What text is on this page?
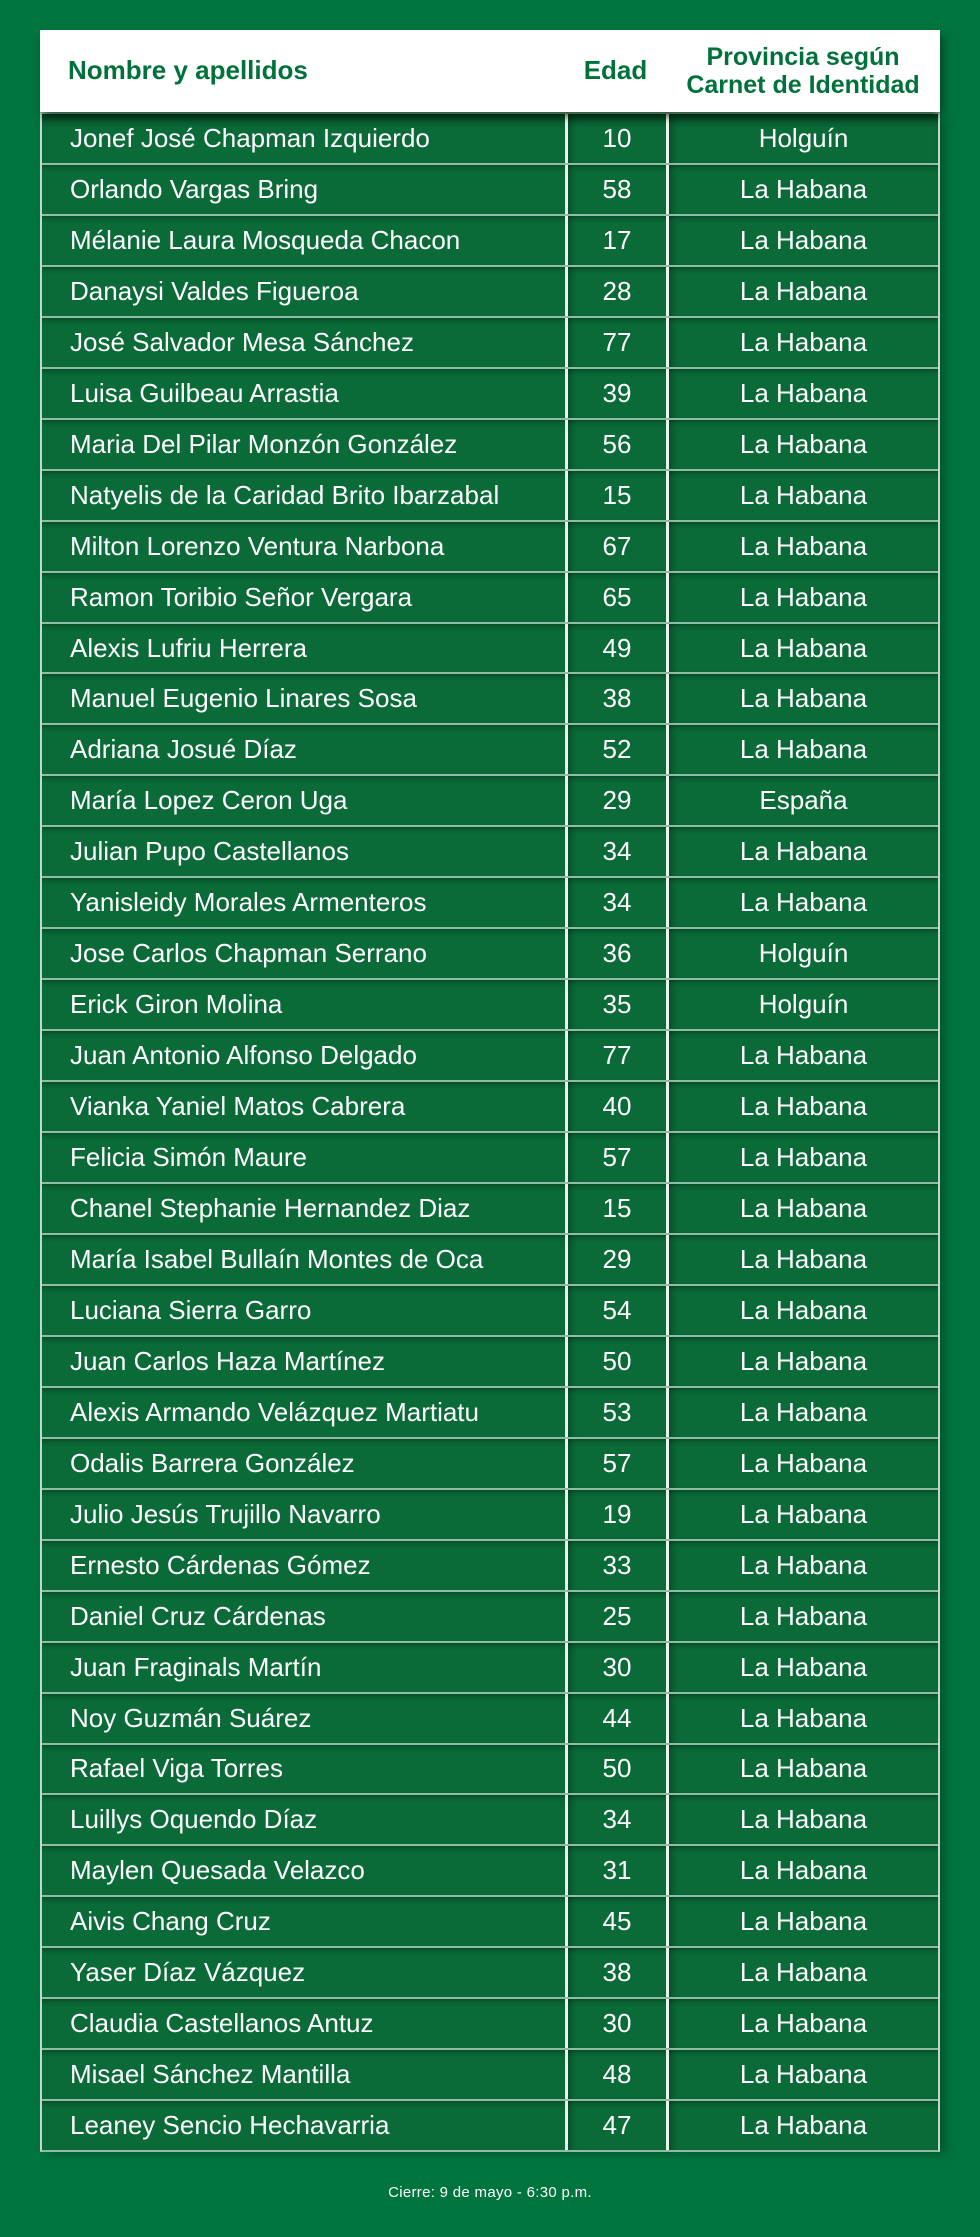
Nombre y apellidos	Edad	Provincia según Carnet de Identidad
Jonef José Chapman Izquierdo	10	Holguín
Orlando Vargas Bring	58	La Habana
Mélanie Laura Mosqueda Chacon	17	La Habana
Danaysi Valdes Figueroa	28	La Habana
José Salvador Mesa Sánchez	77	La Habana
Luisa Guilbeau Arrastia	39	La Habana
Maria Del Pilar Monzón González	56	La Habana
Natyelis de la Caridad Brito Ibarzabal	15	La Habana
Milton Lorenzo Ventura Narbona	67	La Habana
Ramon Toribio Señor Vergara	65	La Habana
Alexis Lufriu Herrera	49	La Habana
Manuel Eugenio Linares Sosa	38	La Habana
Adriana Josué Díaz	52	La Habana
María Lopez Ceron Uga	29	España
Julian Pupo Castellanos	34	La Habana
Yanisleidy Morales Armenteros	34	La Habana
Jose Carlos Chapman Serrano	36	Holguín
Erick Giron Molina	35	Holguín
Juan Antonio Alfonso Delgado	77	La Habana
Vianka Yaniel Matos Cabrera	40	La Habana
Felicia Simón Maure	57	La Habana
Chanel Stephanie Hernandez Diaz	15	La Habana
María Isabel Bullaín Montes de Oca	29	La Habana
Luciana Sierra Garro	54	La Habana
Juan Carlos Haza Martínez	50	La Habana
Alexis Armando Velázquez Martiatu	53	La Habana
Odalis Barrera González	57	La Habana
Julio Jesús Trujillo Navarro	19	La Habana
Ernesto Cárdenas Gómez	33	La Habana
Daniel Cruz Cárdenas	25	La Habana
Juan Fraginals Martín	30	La Habana
Noy Guzmán Suárez	44	La Habana
Rafael Viga Torres	50	La Habana
Luillys Oquendo Díaz	34	La Habana
Maylen Quesada Velazco	31	La Habana
Aivis Chang Cruz	45	La Habana
Yaser Díaz Vázquez	38	La Habana
Claudia Castellanos Antuz	30	La Habana
Misael Sánchez Mantilla	48	La Habana
Leaney Sencio Hechavarria	47	La Habana
Cierre: 9 de mayo - 6:30 p.m.
